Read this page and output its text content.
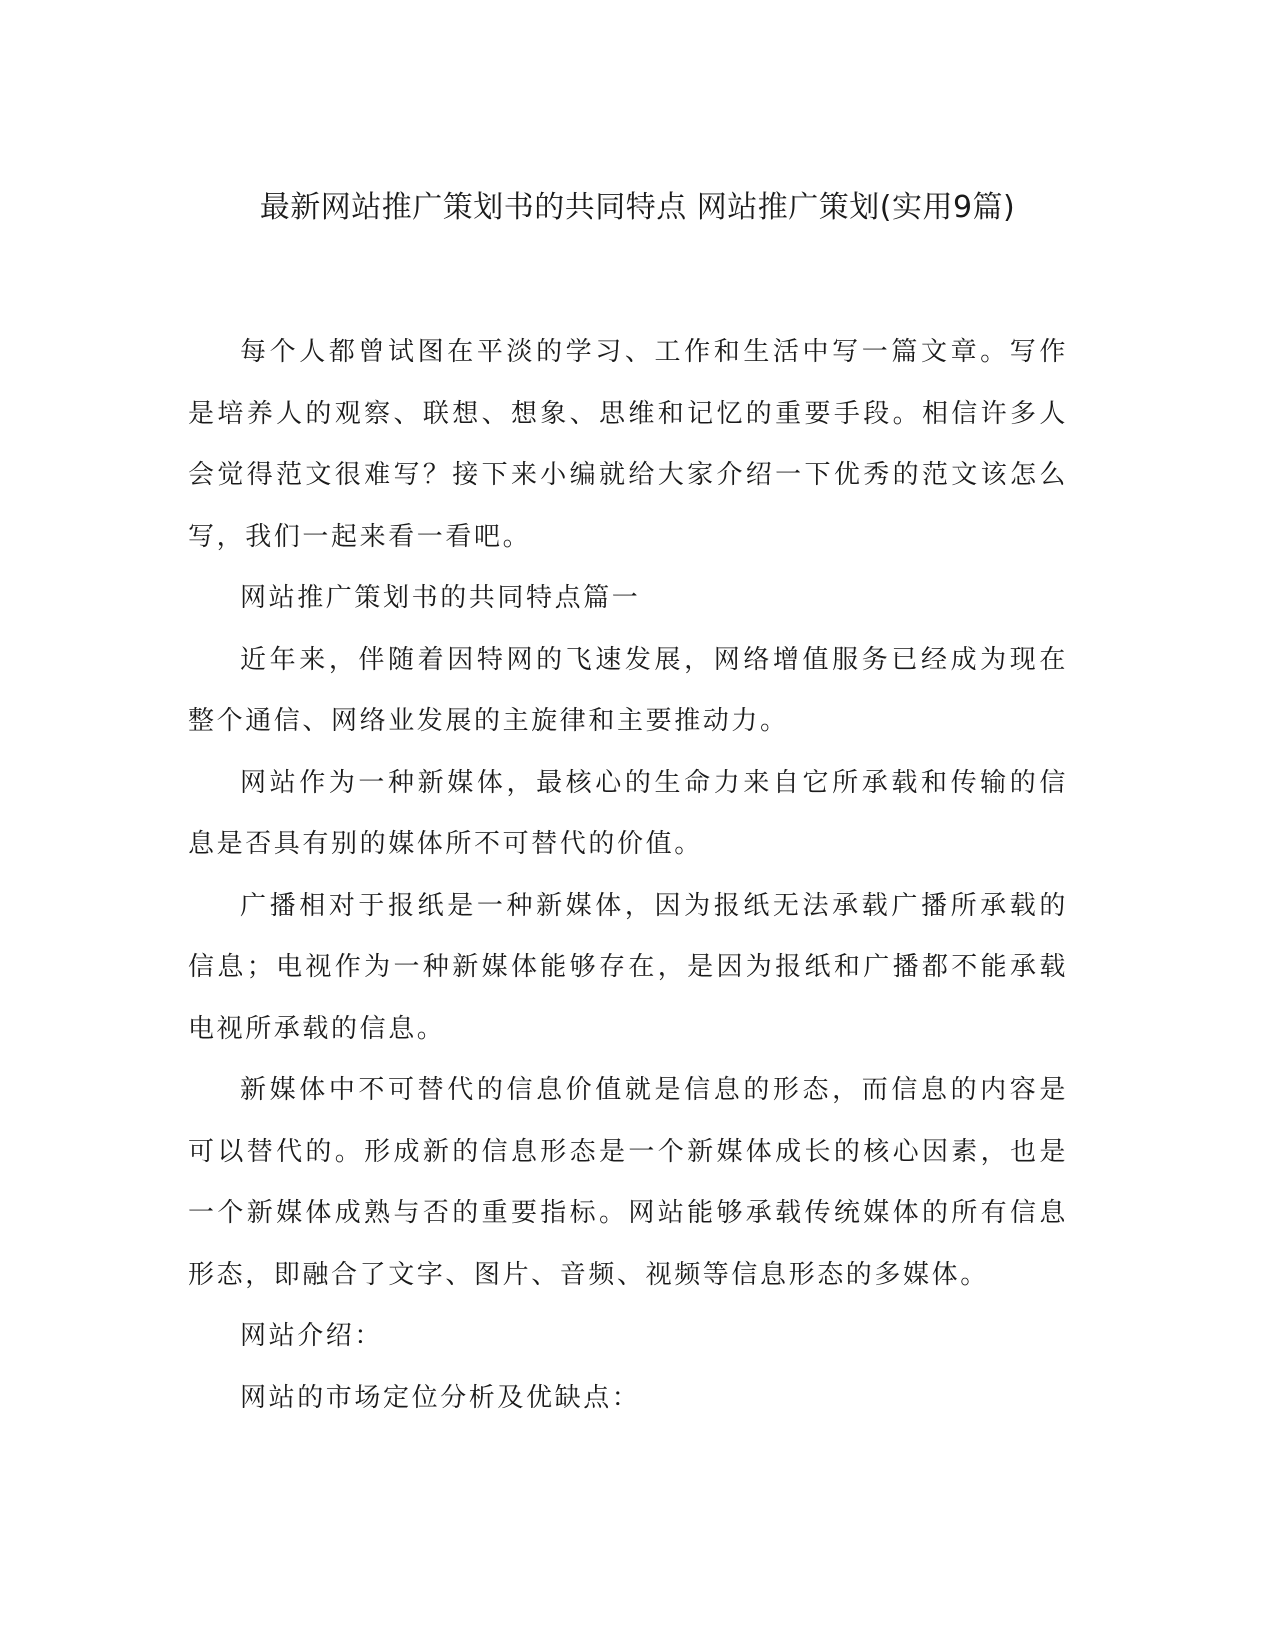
最新网站推广策划书的共同特点 网站推广策划(实用9篇)

每个人都曾试图在平淡的学习、工作和生活中写一篇文章。写作是培养人的观察、联想、想象、思维和记忆的重要手段。相信许多人会觉得范文很难写？接下来小编就给大家介绍一下优秀的范文该怎么写，我们一起来看一看吧。

网站推广策划书的共同特点篇一

近年来，伴随着因特网的飞速发展，网络增值服务已经成为现在整个通信、网络业发展的主旋律和主要推动力。

网站作为一种新媒体，最核心的生命力来自它所承载和传输的信息是否具有别的媒体所不可替代的价值。

广播相对于报纸是一种新媒体，因为报纸无法承载广播所承载的信息；电视作为一种新媒体能够存在，是因为报纸和广播都不能承载电视所承载的信息。

新媒体中不可替代的信息价值就是信息的形态，而信息的内容是可以替代的。形成新的信息形态是一个新媒体成长的核心因素，也是一个新媒体成熟与否的重要指标。网站能够承载传统媒体的所有信息形态，即融合了文字、图片、音频、视频等信息形态的多媒体。

网站介绍：

网站的市场定位分析及优缺点：
